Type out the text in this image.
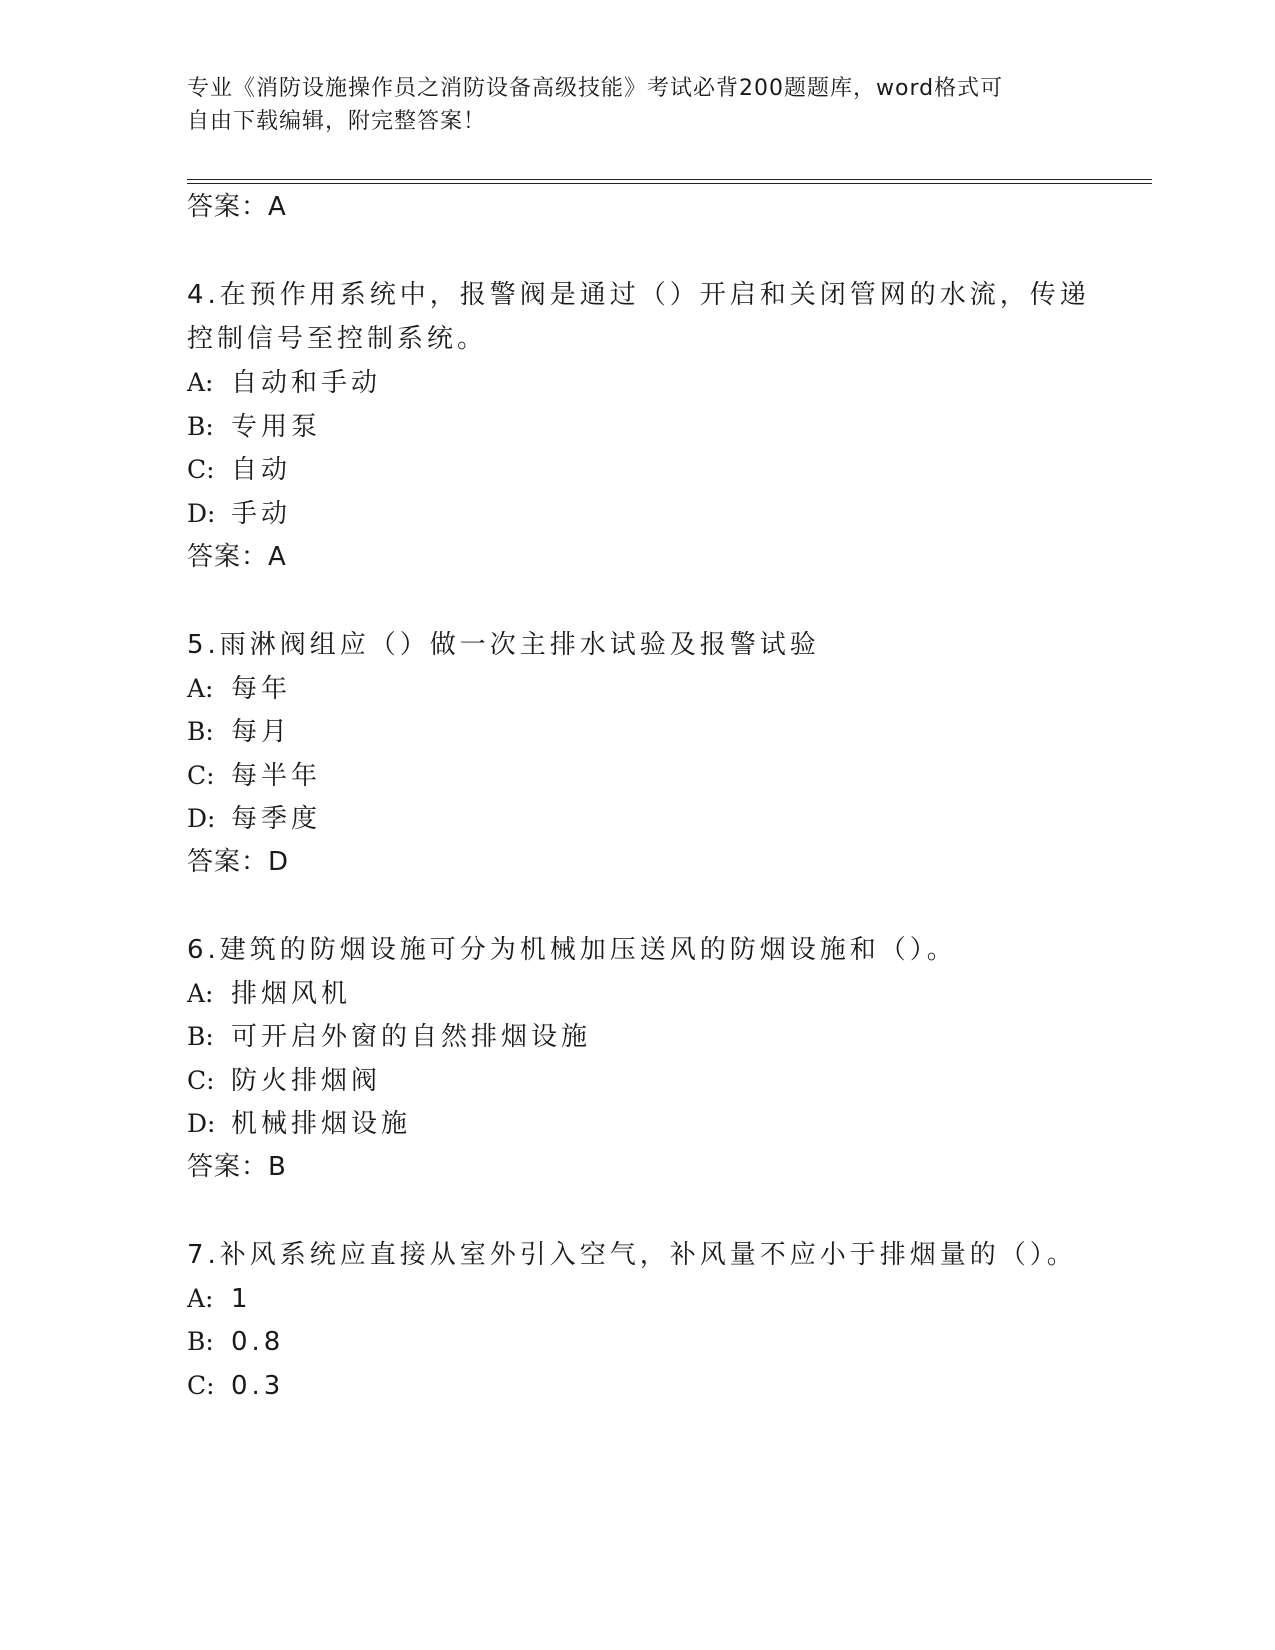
专业《消防设施操作员之消防设备高级技能》考试必背200题题库，word格式可
自由下载编辑，附完整答案！
答案：A
4.在预作用系统中，报警阀是通过（）开启和关闭管网的水流，传递
控制信号至控制系统。
A: 自动和手动
B: 专用泵
C: 自动
D: 手动
答案：A
5.雨淋阀组应（）做一次主排水试验及报警试验
A: 每年
B: 每月
C: 每半年
D: 每季度
答案：D
6.建筑的防烟设施可分为机械加压送风的防烟设施和（）。
A: 排烟风机
B: 可开启外窗的自然排烟设施
C: 防火排烟阀
D: 机械排烟设施
答案：B
7.补风系统应直接从室外引入空气，补风量不应小于排烟量的（）。
A: 1
B: 0.8
C: 0.3
